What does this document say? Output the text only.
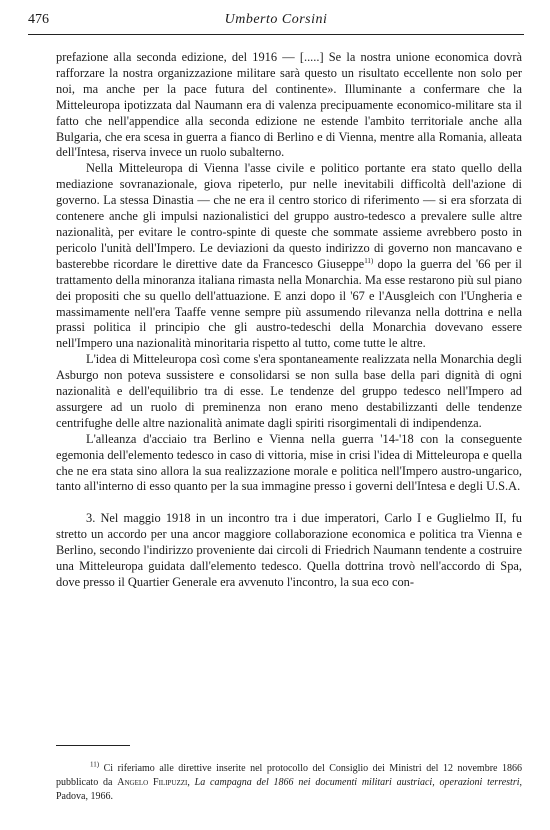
476	Umberto Corsini

prefazione alla seconda edizione, del 1916 — [.....] Se la nostra unione economica dovrà rafforzare la nostra organizzazione militare sarà questo un risultato eccellente non solo per noi, ma anche per la pace futura del continente». Illuminante a confermare che la Mitteleuropa ipotizzata dal Naumann era di valenza precipuamente economico-militare sta il fatto che nell'appendice alla seconda edizione ne estende l'ambito territoriale anche alla Bulgaria, che era scesa in guerra a fianco di Berlino e di Vienna, mentre alla Romania, alleata dell'Intesa, riserva invece un ruolo subalterno.

Nella Mitteleuropa di Vienna l'asse civile e politico portante era stato quello della mediazione sovranazionale, giova ripeterlo, pur nelle inevitabili difficoltà dell'azione di governo. La stessa Dinastia — che ne era il centro storico di riferimento — si era sforzata di contenere anche gli impulsi nazionalistici del gruppo austro-tedesco a prevalere sulle altre nazionalità, per evitare le contro-spinte di queste che sommate assieme avrebbero posto in pericolo l'unità dell'Impero. Le deviazioni da questo indirizzo di governo non mancavano e basterebbe ricordare le direttive date da Francesco Giuseppe$^{11)}$ dopo la guerra del '66 per il trattamento della minoranza italiana rimasta nella Monarchia. Ma esse restarono più sul piano dei propositi che su quello dell'attuazione. E anzi dopo il '67 e l'Ausgleich con l'Ungheria e massimamente nell'era Taaffe venne sempre più assumendo rilevanza nella dottrina e nella prassi politica il principio che gli austro-tedeschi della Monarchia dovevano essere nell'Impero una nazionalità minoritaria rispetto al tutto, come tutte le altre.

L'idea di Mitteleuropa così come s'era spontaneamente realizzata nella Monarchia degli Asburgo non poteva sussistere e consolidarsi se non sulla base della pari dignità di ogni nazionalità e dell'equilibrio tra di esse. Le tendenze del gruppo tedesco nell'Impero ad assurgere ad un ruolo di preminenza non erano meno destabilizzanti delle tendenze centrifughe delle altre nazionalità animate dagli spiriti risorgimentali di indipendenza.

L'alleanza d'acciaio tra Berlino e Vienna nella guerra '14-'18 con la conseguente egemonia dell'elemento tedesco in caso di vittoria, mise in crisi l'idea di Mitteleuropa e quella che ne era stata sino allora la sua realizzazione morale e politica nell'Impero austro-ungarico, tanto all'interno di esso quanto per la sua immagine presso i governi dell'Intesa e degli U.S.A.

3. Nel maggio 1918 in un incontro tra i due imperatori, Carlo I e Guglielmo II, fu stretto un accordo per una ancor maggiore collaborazione economica e politica tra Vienna e Berlino, secondo l'indirizzo proveniente dai circoli di Friedrich Naumann tendente a costruire una Mitteleuropa guidata dall'elemento tedesco. Quella dottrina trovò nell'accordo di Spa, dove presso il Quartier Generale era avvenuto l'incontro, la sua eco con-

$^{11)}$ Ci riferiamo alle direttive inserite nel protocollo del Consiglio dei Ministri del 12 novembre 1866 pubblicato da Angelo Filipuzzi, La campagna del 1866 nei documenti militari austriaci, operazioni terrestri, Padova, 1966.
